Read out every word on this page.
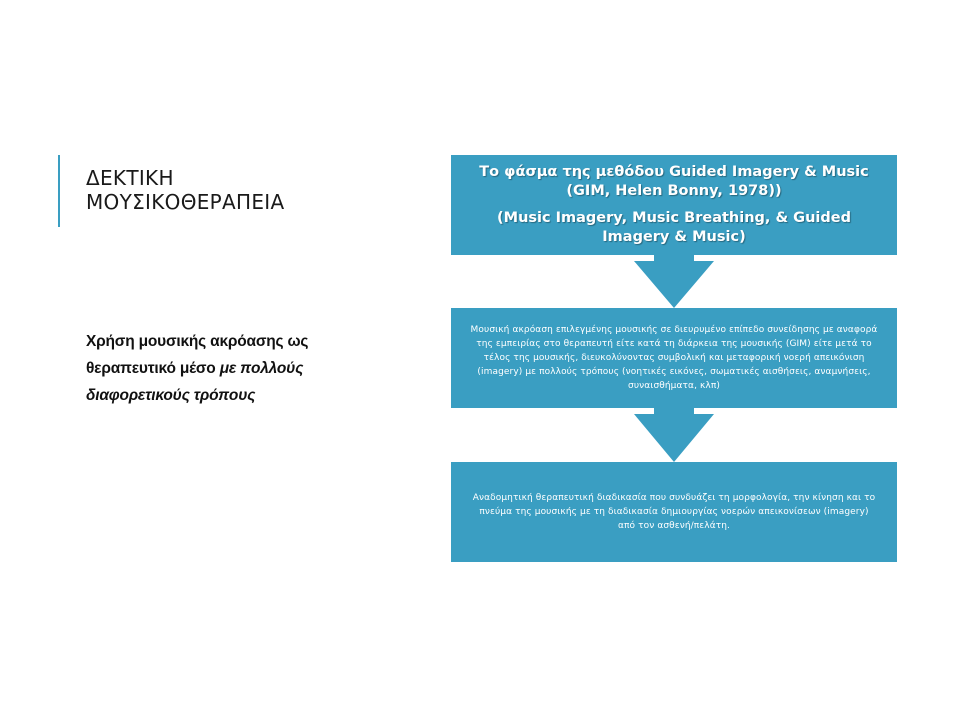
ΔΕΚΤΙΚΗ
ΜΟΥΣΙΚΟΘΕΡΑΠΕΙΑ
Χρήση μουσικής ακρόασης ως θεραπευτικό μέσο με πολλούς διαφορετικούς τρόπους

Το φάσμα της μεθόδου Guided Imagery & Music (GIM, Helen Bonny, 1978))

(Music Imagery, Music Breathing, & Guided Imagery & Music)

Μουσική ακρόαση επιλεγμένης μουσικής σε διευρυμένο επίπεδο συνείδησης με αναφορά της εμπειρίας στο θεραπευτή είτε κατά τη διάρκεια της μουσικής (GIM) είτε μετά το τέλος της μουσικής, διευκολύνοντας συμβολική και μεταφορική νοερή απεικόνιση (imagery) με πολλούς τρόπους (νοητικές εικόνες, σωματικές αισθήσεις, αναμνήσεις, συναισθήματα, κλπ)

Αναδομητική θεραπευτική διαδικασία που συνδυάζει τη μορφολογία, την κίνηση και το πνεύμα της μουσικής με τη διαδικασία δημιουργίας νοερών απεικονίσεων (imagery) από τον ασθενή/πελάτη.
